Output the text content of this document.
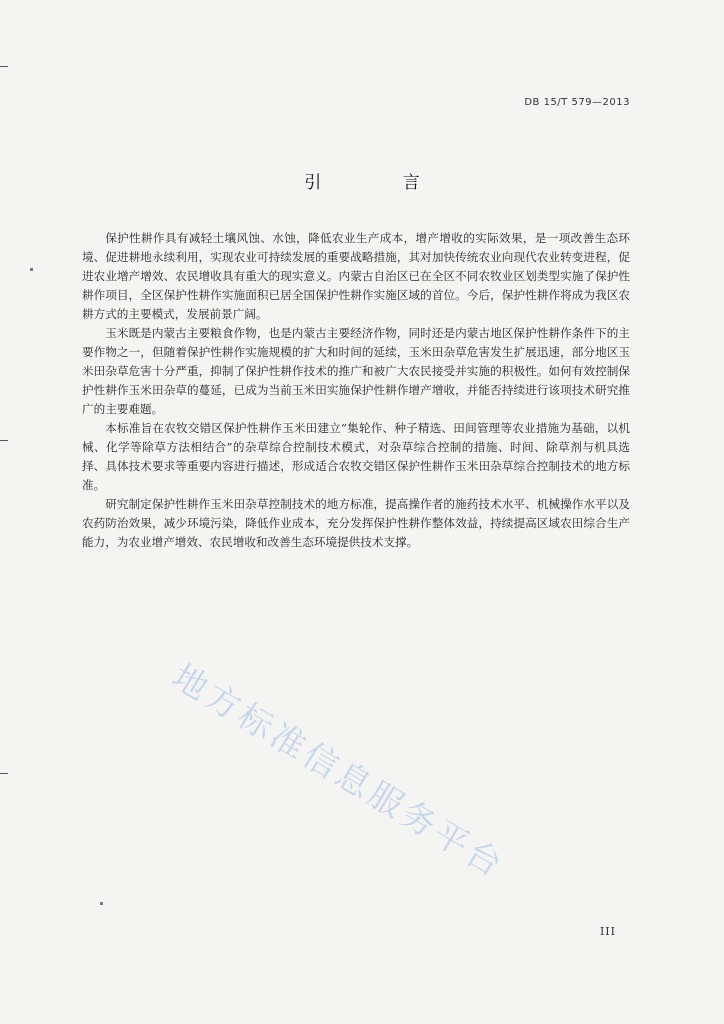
DB 15/T 579—2013
引 言

保护性耕作具有减轻土壤风蚀、水蚀，降低农业生产成本，增产增收的实际效果，是一项改善生态环境、促进耕地永续利用，实现农业可持续发展的重要战略措施，其对加快传统农业向现代农业转变进程，促进农业增产增效、农民增收具有重大的现实意义。内蒙古自治区已在全区不同农牧业区划类型实施了保护性耕作项目，全区保护性耕作实施面积已居全国保护性耕作实施区域的首位。今后，保护性耕作将成为我区农耕方式的主要模式，发展前景广阔。

玉米既是内蒙古主要粮食作物，也是内蒙古主要经济作物，同时还是内蒙古地区保护性耕作条件下的主要作物之一，但随着保护性耕作实施规模的扩大和时间的延续，玉米田杂草危害发生扩展迅速，部分地区玉米田杂草危害十分严重，抑制了保护性耕作技术的推广和被广大农民接受并实施的积极性。如何有效控制保护性耕作玉米田杂草的蔓延，已成为当前玉米田实施保护性耕作增产增收，并能否持续进行该项技术研究推广的主要难题。

本标准旨在农牧交错区保护性耕作玉米田建立“集轮作、种子精选、田间管理等农业措施为基础，以机械、化学等除草方法相结合”的杂草综合控制技术模式，对杂草综合控制的措施、时间、除草剂与机具选择、具体技术要求等重要内容进行描述，形成适合农牧交错区保护性耕作玉米田杂草综合控制技术的地方标准。

研究制定保护性耕作玉米田杂草控制技术的地方标准，提高操作者的施药技术水平、机械操作水平以及农药防治效果，减少环境污染，降低作业成本，充分发挥保护性耕作整体效益，持续提高区域农田综合生产能力，为农业增产增效、农民增收和改善生态环境提供技术支撑。

地方标准信息服务平台
III
